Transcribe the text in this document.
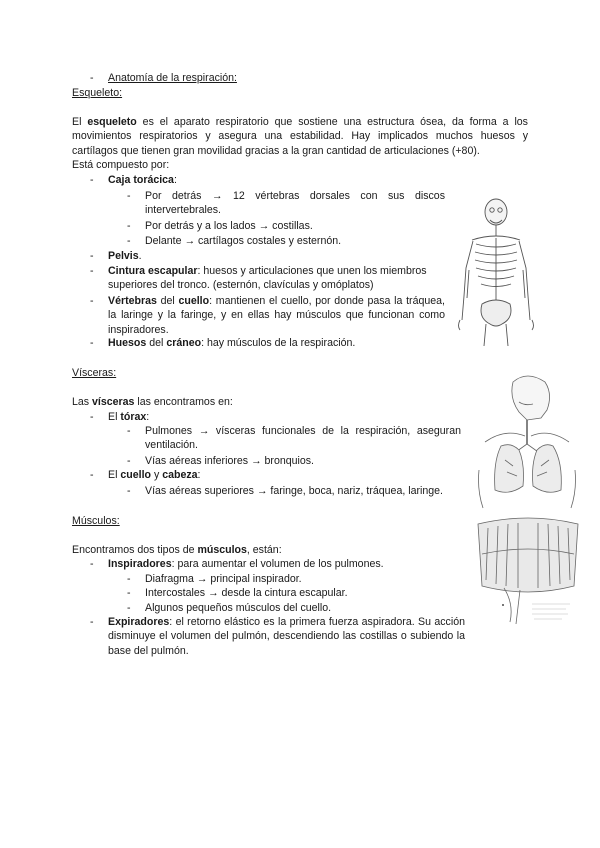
- Anatomía de la respiración:
Esqueleto:
El esqueleto es el aparato respiratorio que sostiene una estructura ósea, da forma a los movimientos respiratorios y asegura una estabilidad. Hay implicados muchos huesos y cartílagos que tienen gran movilidad gracias a la gran cantidad de articulaciones (+80).
Está compuesto por:
- Caja torácica:
- Por detrás → 12 vértebras dorsales con sus discos intervertebrales.
- Por detrás y a los lados → costillas.
- Delante → cartílagos costales y esternón.
- Pelvis.
- Cintura escapular: huesos y articulaciones que unen los miembros superiores del tronco. (esternón, clavículas y omóplatos)
- Vértebras del cuello: mantienen el cuello, por donde pasa la tráquea, la laringe y la faringe, y en ellas hay músculos que funcionan como inspiradores.
- Huesos del cráneo: hay músculos de la respiración.
Vísceras:
Las vísceras las encontramos en:
- El tórax:
- Pulmones → vísceras funcionales de la respiración, aseguran ventilación.
- Vías aéreas inferiores → bronquios.
- El cuello y cabeza:
- Vías aéreas superiores → faringe, boca, nariz, tráquea, laringe.
Músculos:
Encontramos dos tipos de músculos, están:
- Inspiradores: para aumentar el volumen de los pulmones.
- Diafragma → principal inspirador.
- Intercostales → desde la cintura escapular.
- Algunos pequeños músculos del cuello.
- Expiradores: el retorno elástico es la primera fuerza aspiradora. Su acción disminuye el volumen del pulmón, descendiendo las costillas o subiendo la base del pulmón.
